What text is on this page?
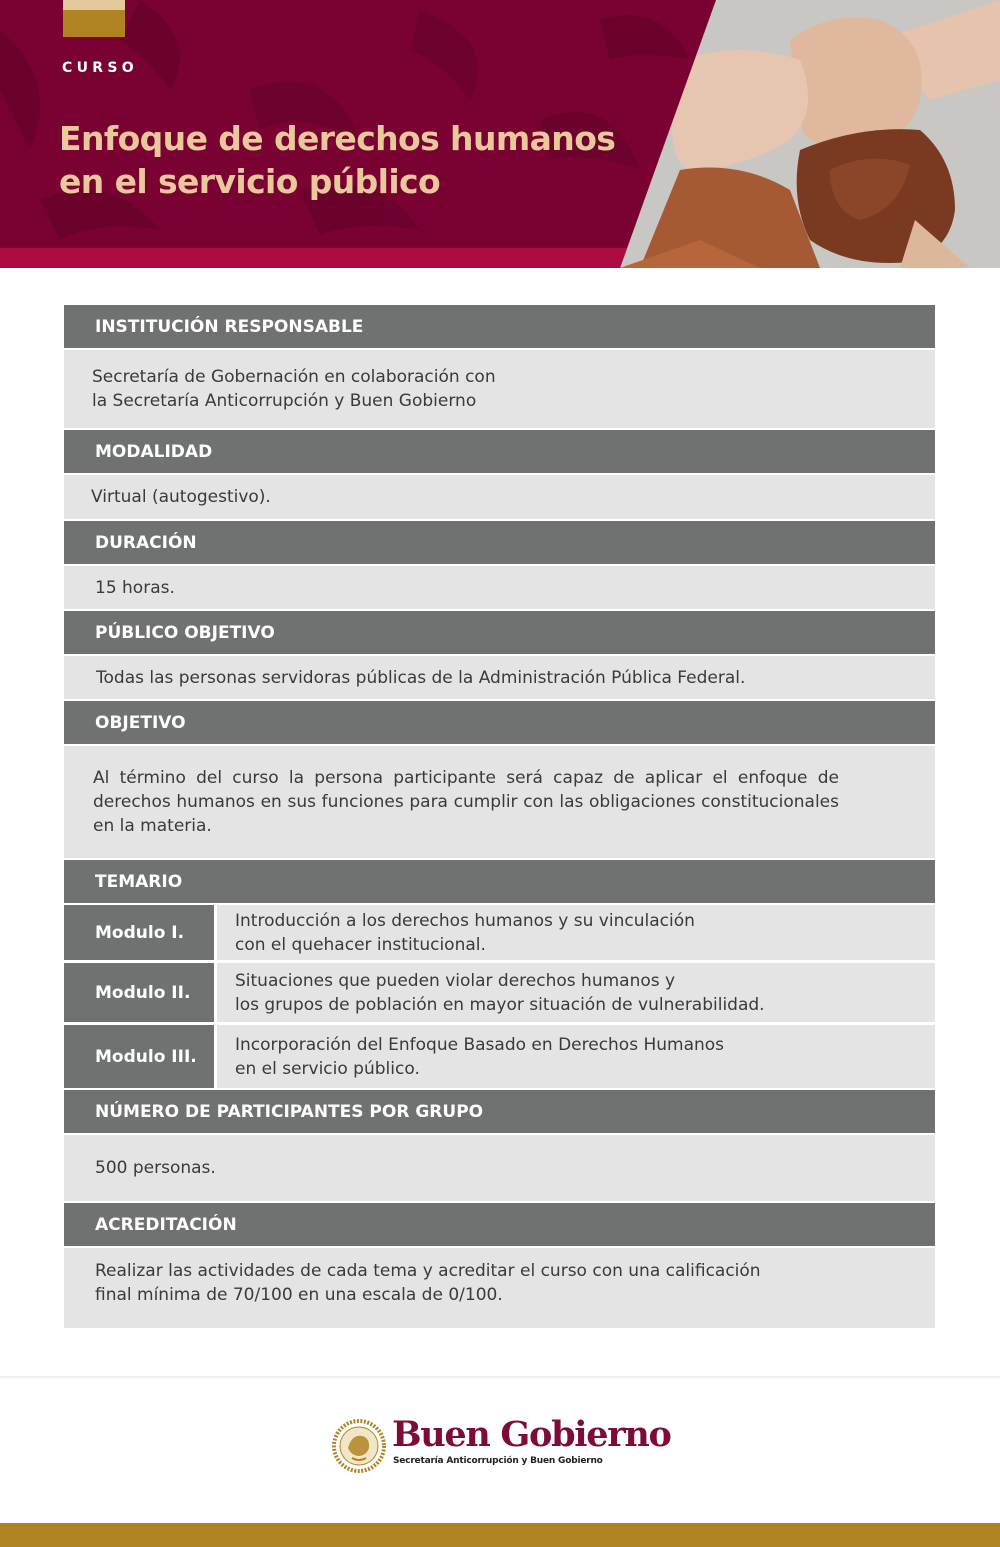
CURSO
Enfoque de derechos humanos
en el servicio público
INSTITUCIÓN RESPONSABLE
Secretaría de Gobernación en colaboración con
la Secretaría Anticorrupción y Buen Gobierno
MODALIDAD
Virtual (autogestivo).
DURACIÓN
15 horas.
PÚBLICO OBJETIVO
Todas las personas servidoras públicas de la Administración Pública Federal.
OBJETIVO
Al término del curso la persona participante será capaz de aplicar el enfoque de derechos humanos en sus funciones para cumplir con las obligaciones constitucionales en la materia.
TEMARIO
Modulo I.
Introducción a los derechos humanos y su vinculación
con el quehacer institucional.
Modulo II.
Situaciones que pueden violar derechos humanos y
los grupos de población en mayor situación de vulnerabilidad.
Modulo III.
Incorporación del Enfoque Basado en Derechos Humanos
en el servicio público.
NÚMERO DE PARTICIPANTES POR GRUPO
500 personas.
ACREDITACIÓN
Realizar las actividades de cada tema y acreditar el curso con una calificación
final mínima de 70/100 en una escala de 0/100.
Buen Gobierno
Secretaría Anticorrupción y Buen Gobierno
